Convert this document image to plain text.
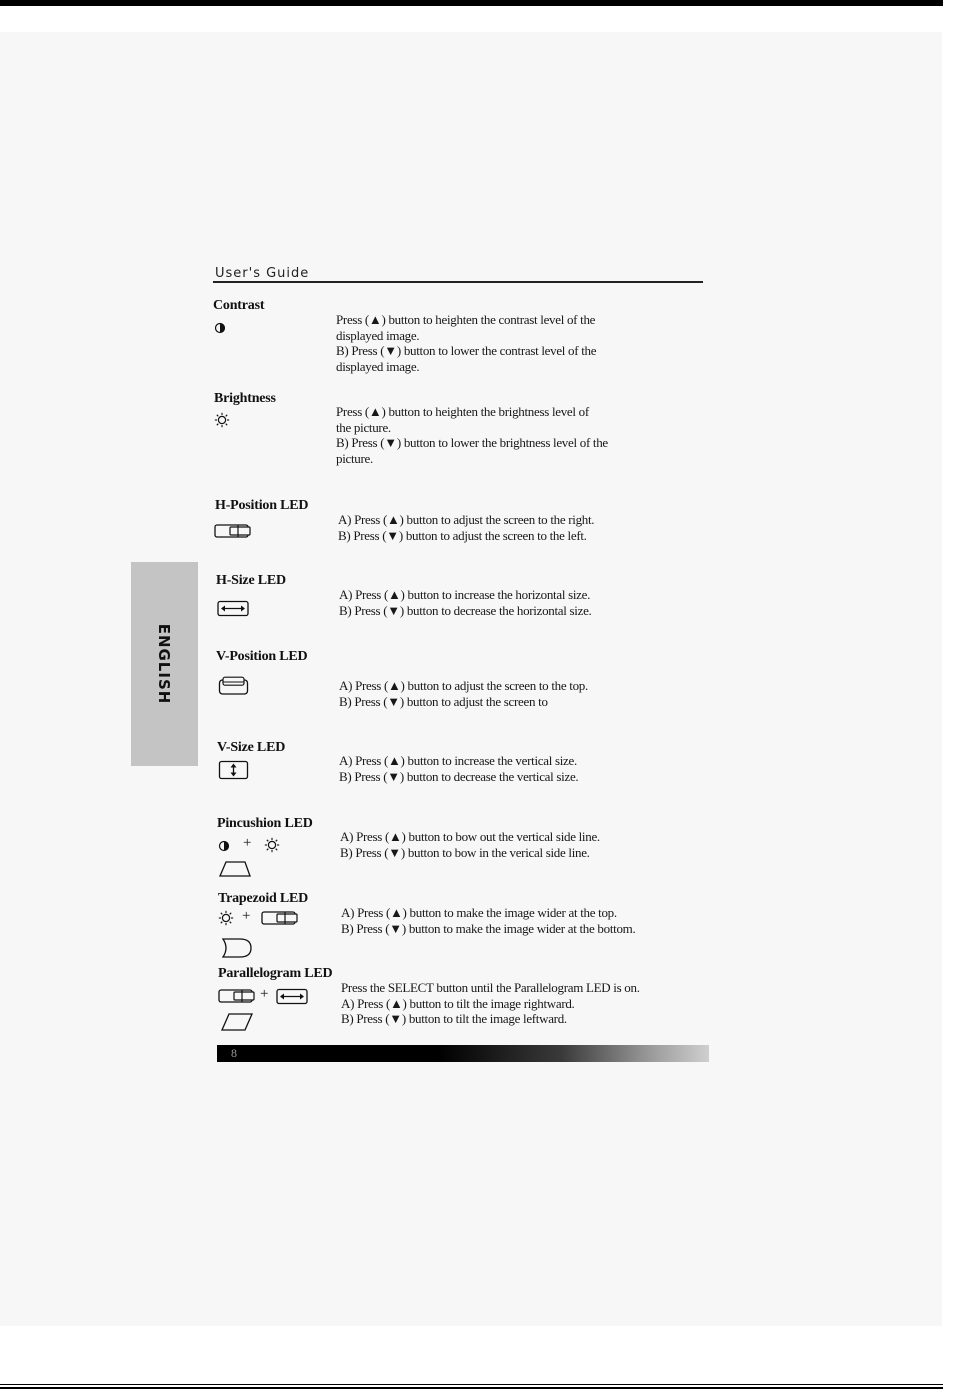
User's Guide
ENGLISH
Contrast
Press (▲) button to heighten the contrast level of the
displayed image.
B) Press (▼) button to lower the contrast level of the
displayed image.
Brightness
Press (▲) button to heighten the brightness level of
the picture.
B) Press (▼) button to lower the brightness level of the
picture.
H-Position LED
A) Press (▲) button to adjust the screen to the right.
B) Press (▼) button to adjust the screen to the left.
H-Size LED
A) Press (▲) button to increase the horizontal size.
B) Press (▼) button to decrease the horizontal size.
V-Position LED
A) Press (▲) button to adjust the screen to the top.
B) Press (▼) button to adjust the screen to
V-Size LED
A) Press (▲) button to increase the vertical size.
B) Press (▼) button to decrease the vertical size.
Pincushion LED
+	A) Press (▲) button to bow out the vertical side line.
B) Press (▼) button to bow in the verical side line.
Trapezoid LED
+	A) Press (▲) button to make the image wider at the top.
B) Press (▼) button to make the image wider at the bottom.
Parallelogram LED
+	Press the SELECT button until the Parallelogram LED is on.
A) Press (▲) button to tilt the image rightward.
B) Press (▼) button to tilt the image leftward.
8
